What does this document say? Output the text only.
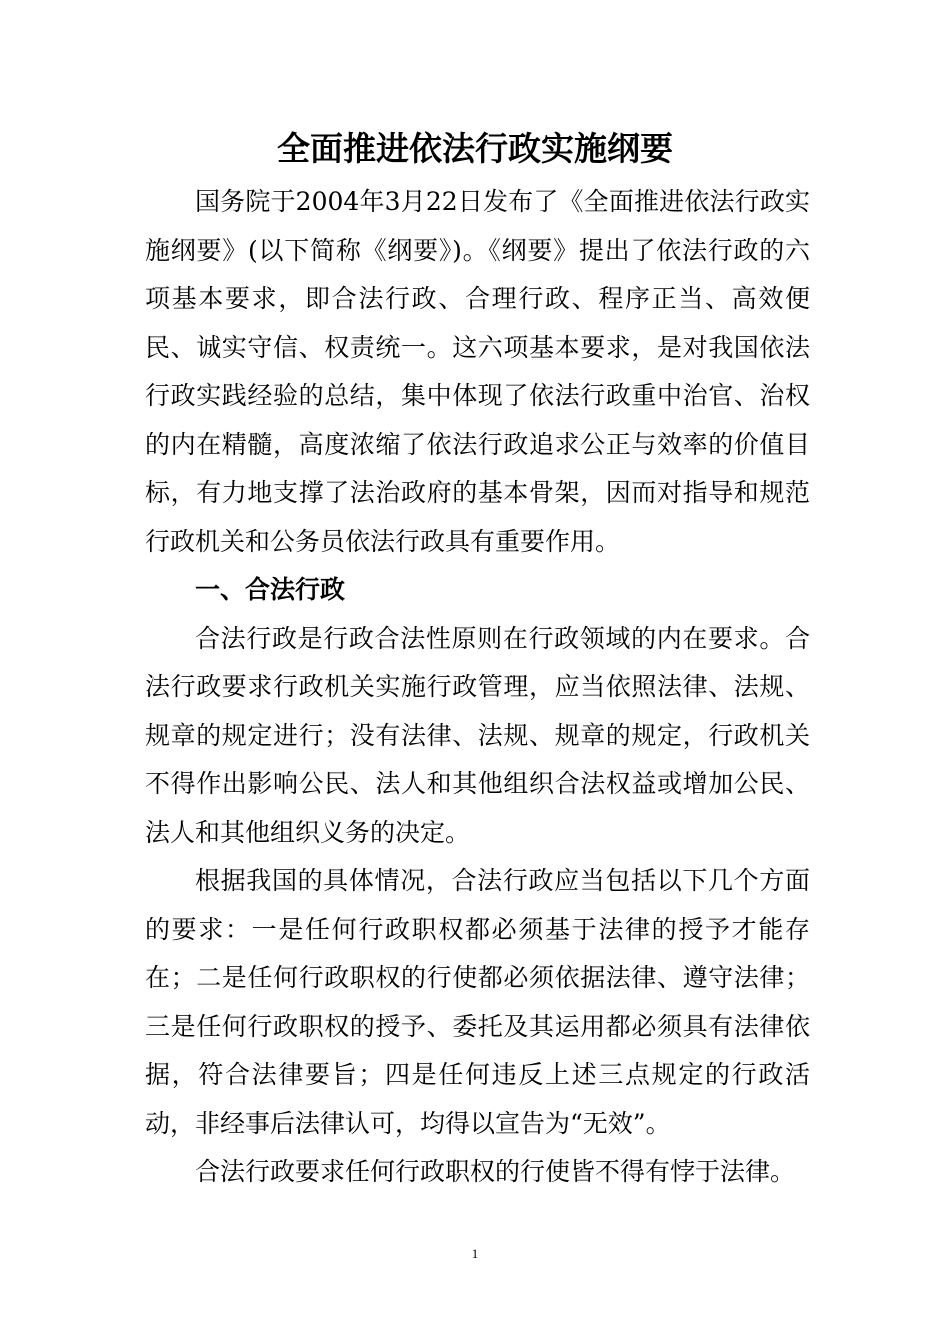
全面推进依法行政实施纲要

国务院于2004年3月22日发布了《全面推进依法行政实施纲要》(以下简称《纲要》)。《纲要》提出了依法行政的六项基本要求，即合法行政、合理行政、程序正当、高效便民、诚实守信、权责统一。这六项基本要求，是对我国依法行政实践经验的总结，集中体现了依法行政重中治官、治权的内在精髓，高度浓缩了依法行政追求公正与效率的价值目标，有力地支撑了法治政府的基本骨架，因而对指导和规范行政机关和公务员依法行政具有重要作用。

一、合法行政

合法行政是行政合法性原则在行政领域的内在要求。合法行政要求行政机关实施行政管理，应当依照法律、法规、规章的规定进行；没有法律、法规、规章的规定，行政机关不得作出影响公民、法人和其他组织合法权益或增加公民、法人和其他组织义务的决定。

根据我国的具体情况，合法行政应当包括以下几个方面的要求：一是任何行政职权都必须基于法律的授予才能存在；二是任何行政职权的行使都必须依据法律、遵守法律；三是任何行政职权的授予、委托及其运用都必须具有法律依据，符合法律要旨；四是任何违反上述三点规定的行政活动，非经事后法律认可，均得以宣告为“无效”。

合法行政要求任何行政职权的行使皆不得有悖于法律。

1
